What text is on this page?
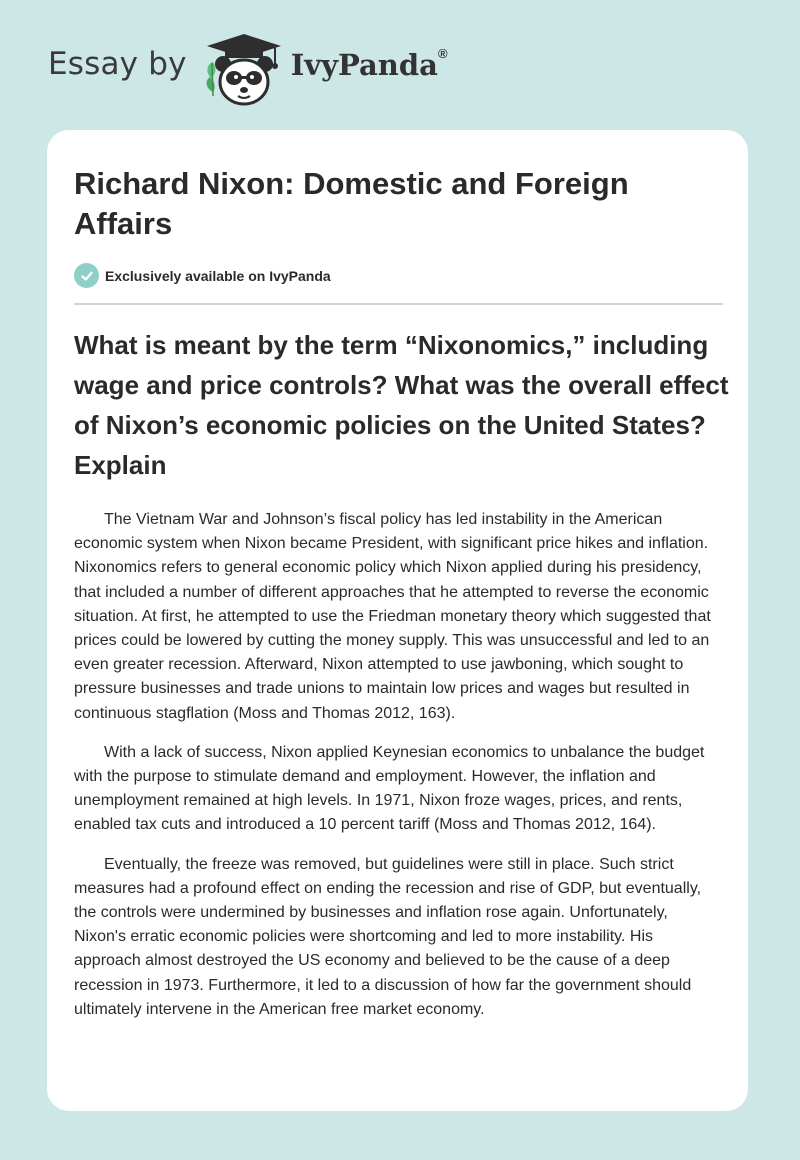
Essay by	IvyPanda®
Richard Nixon: Domestic and Foreign Affairs
Exclusively available on IvyPanda
What is meant by the term “Nixonomics,” including wage and price controls? What was the overall effect of Nixon’s economic policies on the United States? Explain

The Vietnam War and Johnson’s fiscal policy has led instability in the American economic system when Nixon became President, with significant price hikes and inflation. Nixonomics refers to general economic policy which Nixon applied during his presidency, that included a number of different approaches that he attempted to reverse the economic situation. At first, he attempted to use the Friedman monetary theory which suggested that prices could be lowered by cutting the money supply. This was unsuccessful and led to an even greater recession. Afterward, Nixon attempted to use jawboning, which sought to pressure businesses and trade unions to maintain low prices and wages but resulted in continuous stagflation (Moss and Thomas 2012, 163).

With a lack of success, Nixon applied Keynesian economics to unbalance the budget with the purpose to stimulate demand and employment. However, the inflation and unemployment remained at high levels. In 1971, Nixon froze wages, prices, and rents, enabled tax cuts and introduced a 10 percent tariff (Moss and Thomas 2012, 164).

Eventually, the freeze was removed, but guidelines were still in place. Such strict measures had a profound effect on ending the recession and rise of GDP, but eventually, the controls were undermined by businesses and inflation rose again. Unfortunately, Nixon's erratic economic policies were shortcoming and led to more instability. His approach almost destroyed the US economy and believed to be the cause of a deep recession in 1973. Furthermore, it led to a discussion of how far the government should ultimately intervene in the American free market economy.
